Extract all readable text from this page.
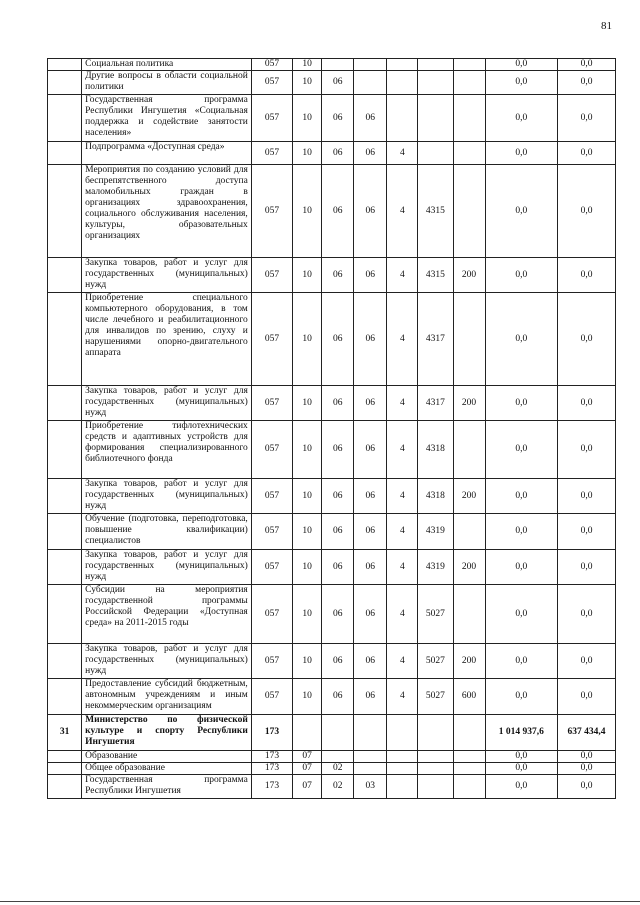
81
	Социальная политика	057	10						0,0	0,0
	Другие вопросы в области социальной политики	057	10	06					0,0	0,0
	Государственная программа Республики Ингушетия «Социальная поддержка и содействие занятости населения»	057	10	06	06				0,0	0,0
	Подпрограмма «Доступная среда»	057	10	06	06	4			0,0	0,0
	Мероприятия по созданию условий для беспрепятственного доступа маломобильных граждан в организациях здравоохранения, социального обслуживания населения, культуры, образовательных организациях	057	10	06	06	4	4315		0,0	0,0
	Закупка товаров, работ и услуг для государственных (муниципальных) нужд	057	10	06	06	4	4315	200	0,0	0,0
	Приобретение специального компьютерного оборудования, в том числе лечебного и реабилитационного для инвалидов по зрению, слуху и нарушениями опорно-двигательного аппарата	057	10	06	06	4	4317		0,0	0,0
	Закупка товаров, работ и услуг для государственных (муниципальных) нужд	057	10	06	06	4	4317	200	0,0	0,0
	Приобретение тифлотехнических средств и адаптивных устройств для формирования специализированного библиотечного фонда	057	10	06	06	4	4318		0,0	0,0
	Закупка товаров, работ и услуг для государственных (муниципальных) нужд	057	10	06	06	4	4318	200	0,0	0,0
	Обучение (подготовка, переподготовка, повышение квалификации) специалистов	057	10	06	06	4	4319		0,0	0,0
	Закупка товаров, работ и услуг для государственных (муниципальных) нужд	057	10	06	06	4	4319	200	0,0	0,0
	Субсидии на мероприятия государственной программы Российской Федерации «Доступная среда» на 2011-2015 годы	057	10	06	06	4	5027		0,0	0,0
	Закупка товаров, работ и услуг для государственных (муниципальных) нужд	057	10	06	06	4	5027	200	0,0	0,0
	Предоставление субсидий бюджетным, автономным учреждениям и иным некоммерческим организациям	057	10	06	06	4	5027	600	0,0	0,0
31	Министерство по физической культуре и спорту Республики Ингушетия	173							1 014 937,6	637 434,4
	Образование	173	07						0,0	0,0
	Общее образование	173	07	02					0,0	0,0
	Государственная программа Республики Ингушетия	173	07	02	03				0,0	0,0
